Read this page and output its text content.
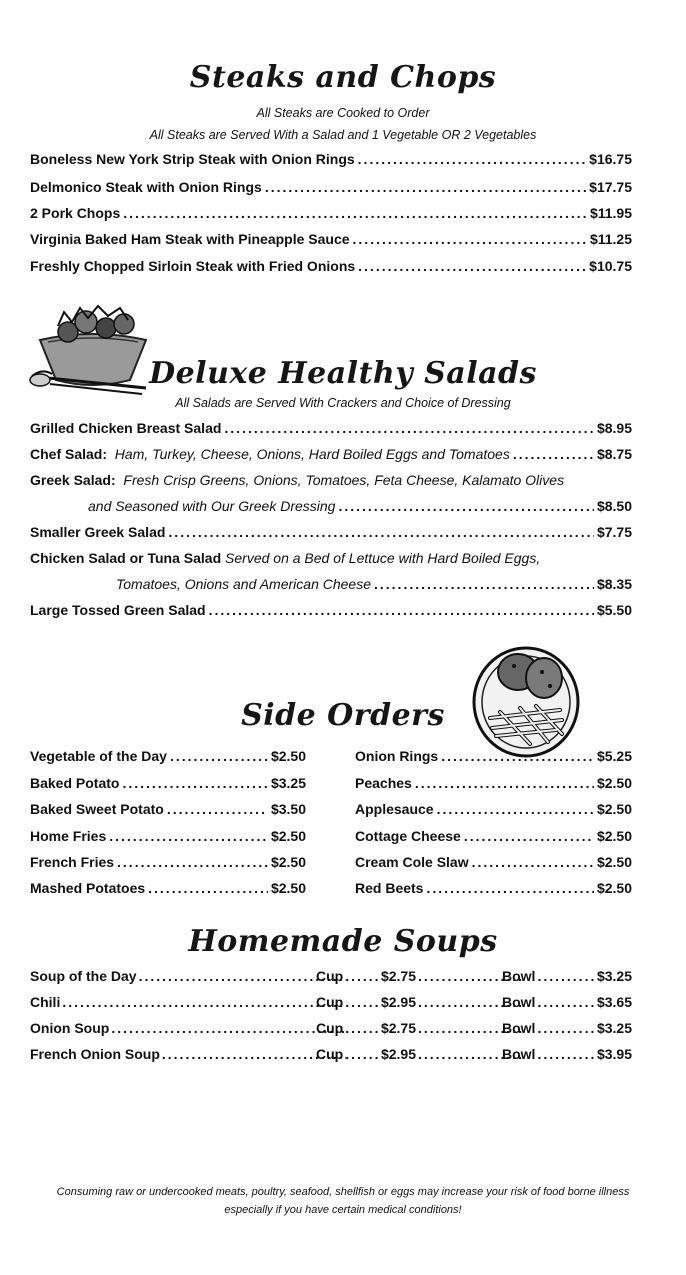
Steaks and Chops
All Steaks are Cooked to Order
All Steaks are Served With a Salad and 1 Vegetable OR 2 Vegetables
Boneless New York Strip Steak with Onion Rings .....	$16.75
Delmonico Steak with Onion Rings .....	$17.75
2 Pork Chops .....	$11.95
Virginia Baked Ham Steak with Pineapple Sauce .....	$11.25
Freshly Chopped Sirloin Steak with Fried Onions .....	$10.75
Deluxe Healthy Salads
All Salads are Served With Crackers and Choice of Dressing
Grilled Chicken Breast Salad .....	$8.95
Chef Salad: Ham, Turkey, Cheese, Onions, Hard Boiled Eggs and Tomatoes .....	$8.75
Greek Salad: Fresh Crisp Greens, Onions, Tomatoes, Feta Cheese, Kalamato Olives
and Seasoned with Our Greek Dressing .....	$8.50
Smaller Greek Salad .....	$7.75
Chicken Salad or Tuna Salad Served on a Bed of Lettuce with Hard Boiled Eggs,
Tomatoes, Onions and American Cheese .....	$8.35
Large Tossed Green Salad .....	$5.50
Side Orders
Vegetable of the Day .....	$2.50
Baked Potato .....	$3.25
Baked Sweet Potato .....	$3.50
Home Fries .....	$2.50
French Fries .....	$2.50
Mashed Potatoes .....	$2.50
Onion Rings .....	$5.25
Peaches .....	$2.50
Applesauce .....	$2.50
Cottage Cheese .....	$2.50
Cream Cole Slaw .....	$2.50
Red Beets .....	$2.50
Homemade Soups
Soup of the Day .....	Cup .....	$2.75 .....	Bowl .....	$3.25
Chili .....	Cup .....	$2.95 .....	Bowl .....	$3.65
Onion Soup .....	Cup .....	$2.75 .....	Bowl .....	$3.25
French Onion Soup .....	Cup .....	$2.95 .....	Bowl .....	$3.95
Consuming raw or undercooked meats, poultry, seafood, shellfish or eggs may increase your risk of food borne illness
especially if you have certain medical conditions!
